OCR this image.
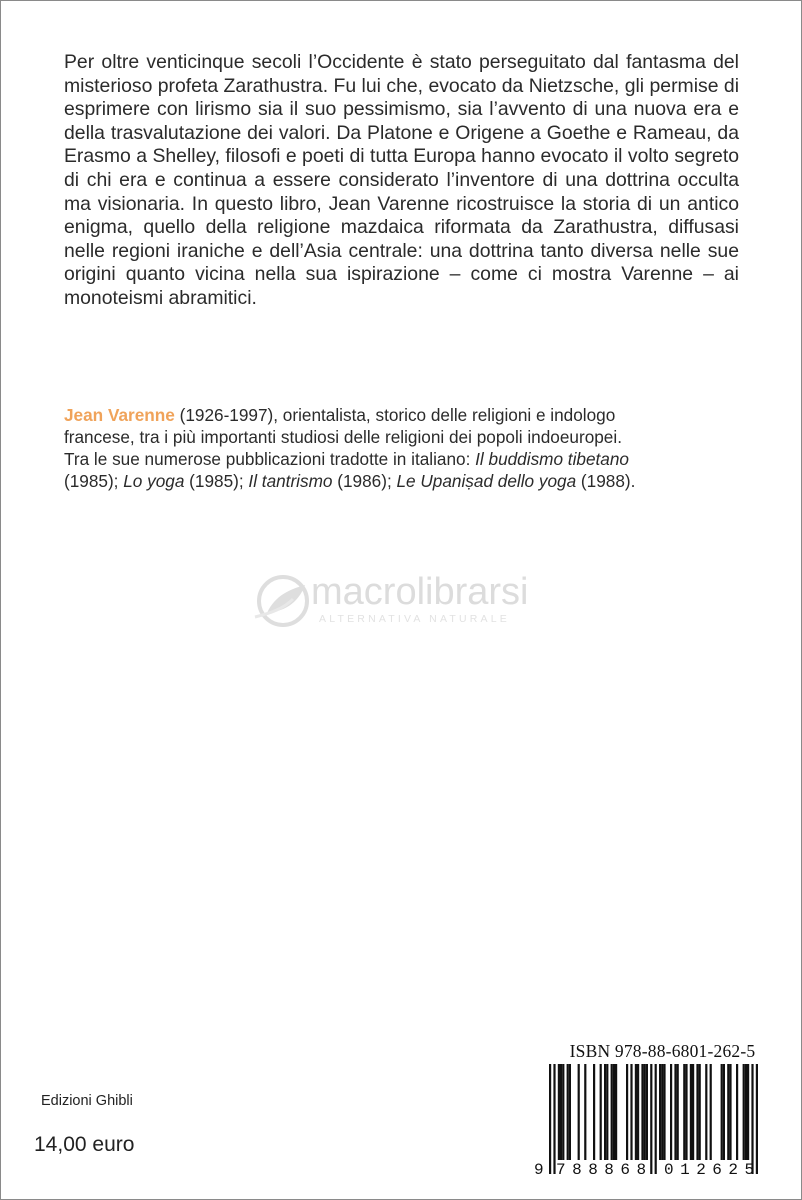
Per oltre venticinque secoli l’Occidente è stato perseguitato dal fantasma del misterioso profeta Zarathustra. Fu lui che, evocato da Nietzsche, gli permise di esprimere con lirismo sia il suo pessimismo, sia l’avvento di una nuova era e della trasvalutazione dei valori. Da Platone e Origene a Goethe e Rameau, da Erasmo a Shelley, filosofi e poeti di tutta Europa hanno evocato il volto segreto di chi era e continua a essere considerato l’inventore di una dottrina occulta ma visionaria. In questo libro, Jean Varenne ricostruisce la storia di un antico enigma, quello della religione mazdaica riformata da Zarathustra, diffusasi nelle regioni iraniche e dell’Asia centrale: una dottrina tanto diversa nelle sue origini quanto vicina nella sua ispirazione – come ci mostra Varenne – ai monoteismi abramitici.

Jean Varenne (1926-1997), orientalista, storico delle religioni e indologo
francese, tra i più importanti studiosi delle religioni dei popoli indoeuropei.
Tra le sue numerose pubblicazioni tradotte in italiano: Il buddismo tibetano
(1985); Lo yoga (1985); Il tantrismo (1986); Le Upaniṣad dello yoga (1988).

macrolibrarsi
ALTERNATIVA NATURALE
Edizioni Ghibli
14,00 euro
ISBN 978-88-6801-262-5
9 788868 012625
